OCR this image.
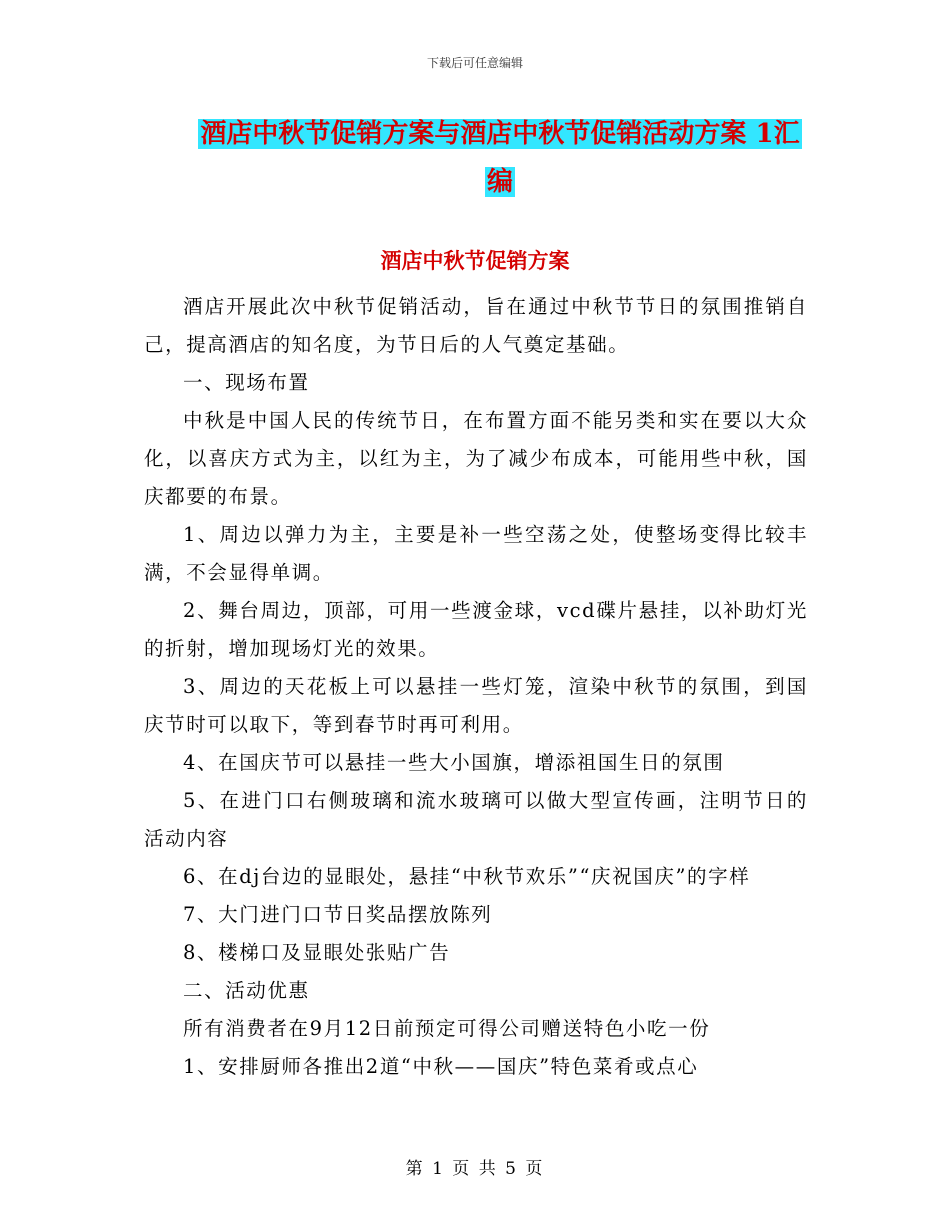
下载后可任意编辑
酒店中秋节促销方案与酒店中秋节促销活动方案 1汇
编
酒店中秋节促销方案

酒店开展此次中秋节促销活动，旨在通过中秋节节日的氛围推销自己，提高酒店的知名度，为节日后的人气奠定基础。

一、现场布置

中秋是中国人民的传统节日，在布置方面不能另类和实在要以大众化，以喜庆方式为主，以红为主，为了减少布成本，可能用些中秋，国庆都要的布景。

1、周边以弹力为主，主要是补一些空荡之处，使整场变得比较丰满，不会显得单调。

2、舞台周边，顶部，可用一些渡金球，vcd碟片悬挂，以补助灯光的折射，增加现场灯光的效果。

3、周边的天花板上可以悬挂一些灯笼，渲染中秋节的氛围，到国庆节时可以取下，等到春节时再可利用。

4、在国庆节可以悬挂一些大小国旗，增添祖国生日的氛围

5、在进门口右侧玻璃和流水玻璃可以做大型宣传画，注明节日的活动内容

6、在dj台边的显眼处，悬挂“中秋节欢乐”“庆祝国庆”的字样

7、大门进门口节日奖品摆放陈列

8、楼梯口及显眼处张贴广告

二、活动优惠

所有消费者在9月12日前预定可得公司赠送特色小吃一份

1、安排厨师各推出2道“中秋——国庆”特色菜肴或点心

第 1 页 共 5 页
